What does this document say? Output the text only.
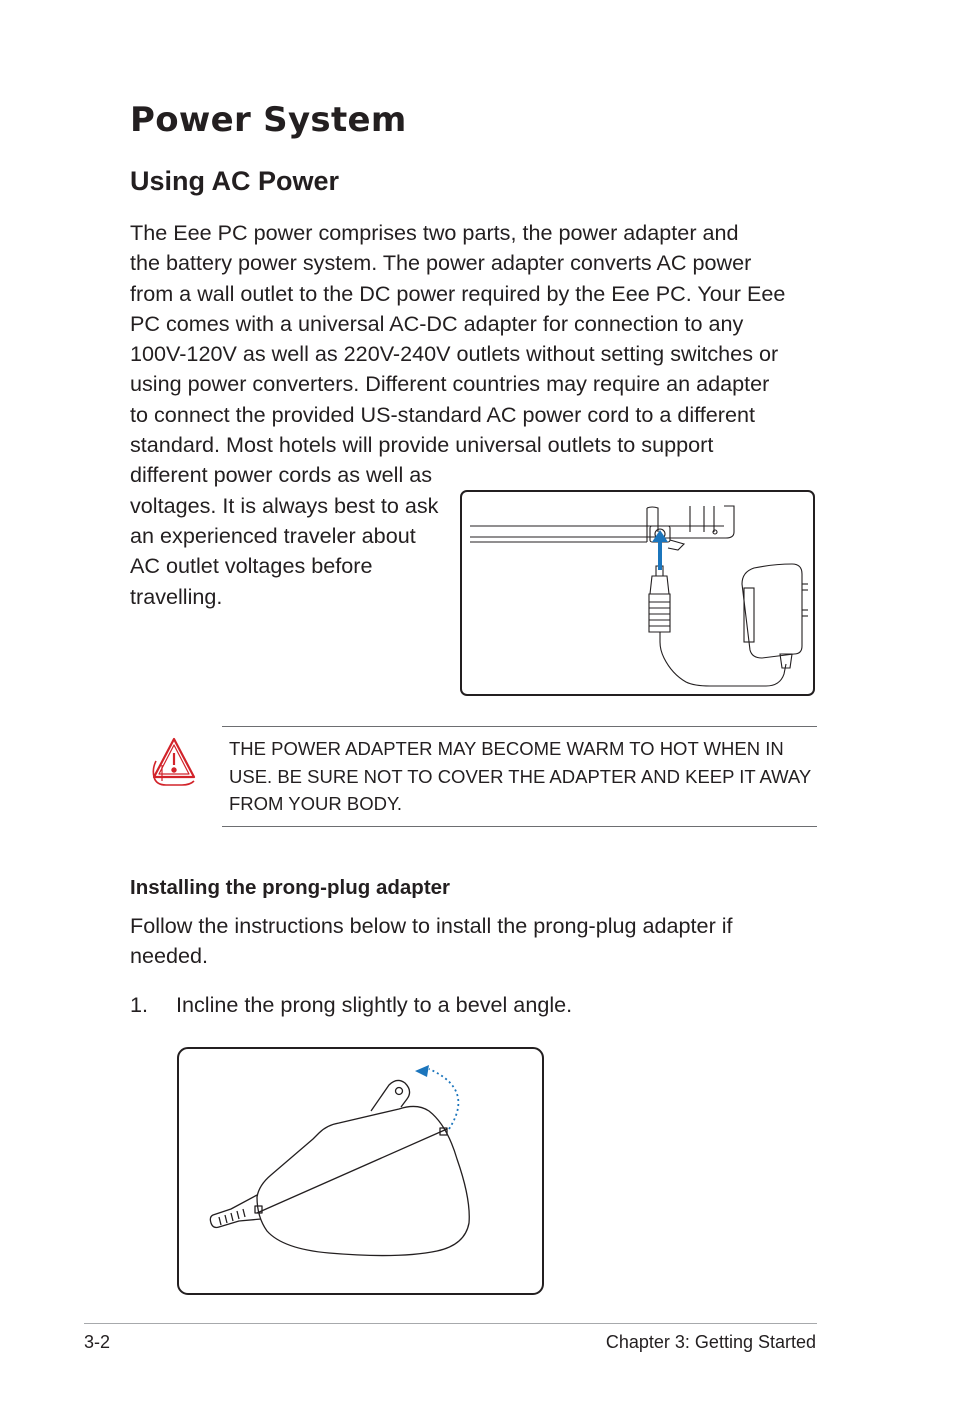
Power System
Using AC Power
The Eee PC power comprises two parts, the power adapter and
the battery power system. The power adapter converts AC power
from a wall outlet to the DC power required by the Eee PC. Your Eee
PC comes with a universal AC-DC adapter for connection to any
100V-120V as well as 220V-240V outlets without setting switches or
using power converters. Different countries may require an adapter
to connect the provided US-standard AC power cord to a different
standard. Most hotels will provide universal outlets to support
different power cords as well as
voltages. It is always best to ask
an experienced traveler about
AC outlet voltages before
travelling.
THE POWER ADAPTER MAY BECOME WARM TO HOT WHEN IN
USE. BE SURE NOT TO COVER THE ADAPTER AND KEEP IT AWAY
FROM YOUR BODY.
Installing the prong-plug adapter
Follow the instructions below to install the prong-plug adapter if
needed.
1. Incline the prong slightly to a bevel angle.
3-2	Chapter 3: Getting Started
